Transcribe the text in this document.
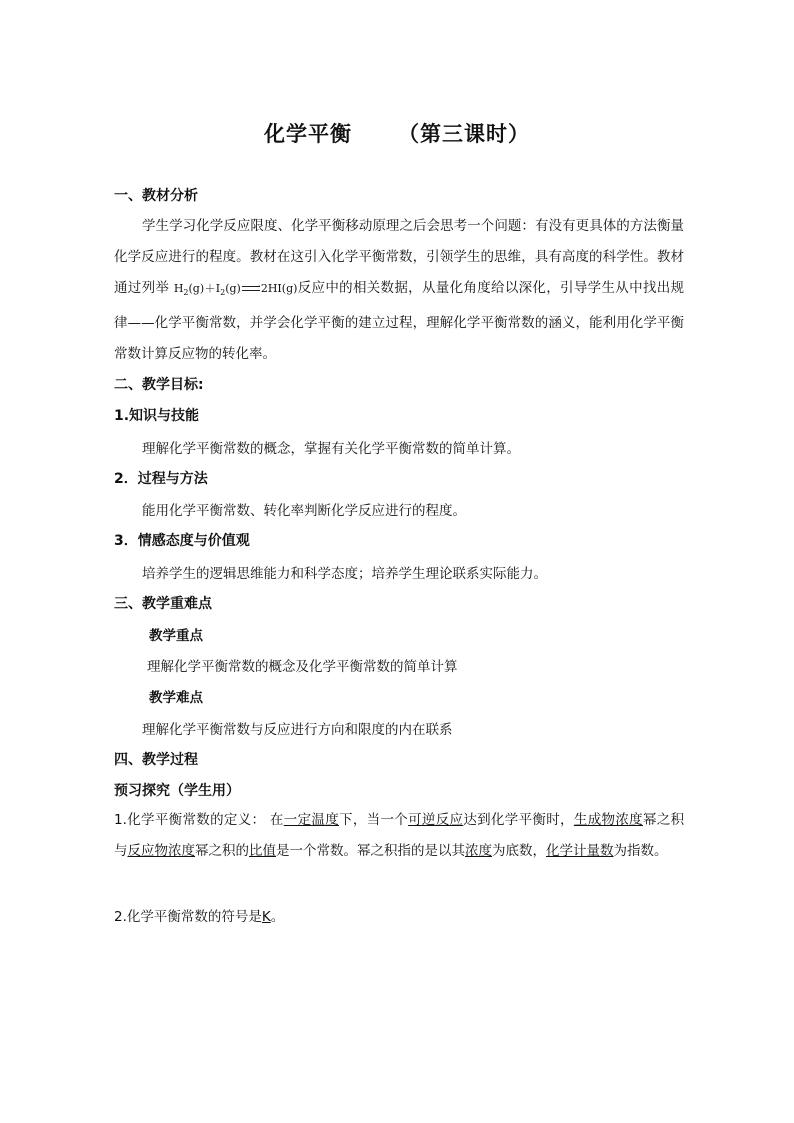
化学平衡 （第三课时）
一、教材分析
学生学习化学反应限度、化学平衡移动原理之后会思考一个问题：有没有更具体的方法衡量化学反应进行的程度。教材在这引入化学平衡常数，引领学生的思维，具有高度的科学性。教材通过列举 $H_2(g)+I_2(g)$	⇀ 2HI(g)反应中的相关数据，从量化角度给以深化，引导学生从中找出规律——化学平衡常数，并学会化学平衡的建立过程，理解化学平衡常数的涵义，能利用化学平衡常数计算反应物的转化率。
二、教学目标:
1.知识与技能
理解化学平衡常数的概念，掌握有关化学平衡常数的简单计算。
2．过程与方法
能用化学平衡常数、转化率判断化学反应进行的程度。
3．情感态度与价值观
培养学生的逻辑思维能力和科学态度；培养学生理论联系实际能力。
三、教学重难点
教学重点
理解化学平衡常数的概念及化学平衡常数的简单计算
教学难点
理解化学平衡常数与反应进行方向和限度的内在联系
四、教学过程
预习探究（学生用）
1.化学平衡常数的定义： 在一定温度下，当一个可逆反应达到化学平衡时，生成物浓度幂之积与反应物浓度幂之积的比值是一个常数。幂之积指的是以其浓度为底数，化学计量数为指数。
2.化学平衡常数的符号是K。
